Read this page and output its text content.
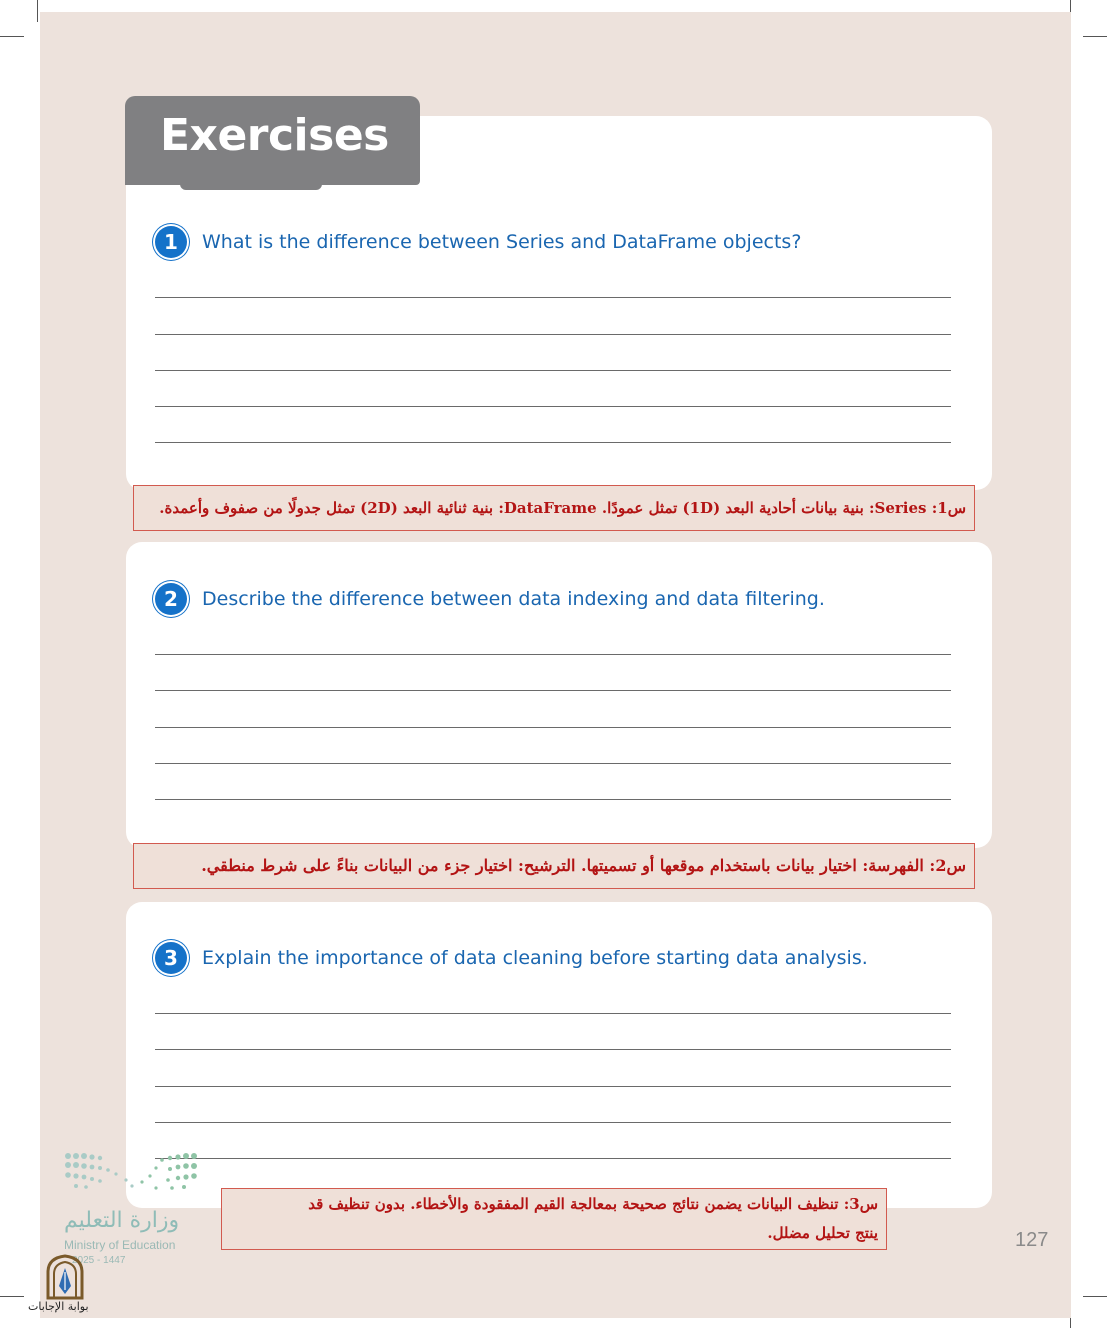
Exercises
1	What is the difference between Series and DataFrame objects?
س1: Series: بنية بيانات أحادية البعد (1D) تمثل عمودًا. DataFrame: بنية ثنائية البعد (2D) تمثل جدولًا من صفوف وأعمدة.
2	Describe the difference between data indexing and data filtering.
س2: الفهرسة: اختيار بيانات باستخدام موقعها أو تسميتها. الترشيح: اختيار جزء من البيانات بناءً على شرط منطقي.
3	Explain the importance of data cleaning before starting data analysis.
س3: تنظيف البيانات يضمن نتائج صحيحة بمعالجة القيم المفقودة والأخطاء. بدون تنظيف قد
ينتج تحليل مضلل.
وزارة التعليم
Ministry of Education
2025 - 1447
بوابة الإجابات
127
